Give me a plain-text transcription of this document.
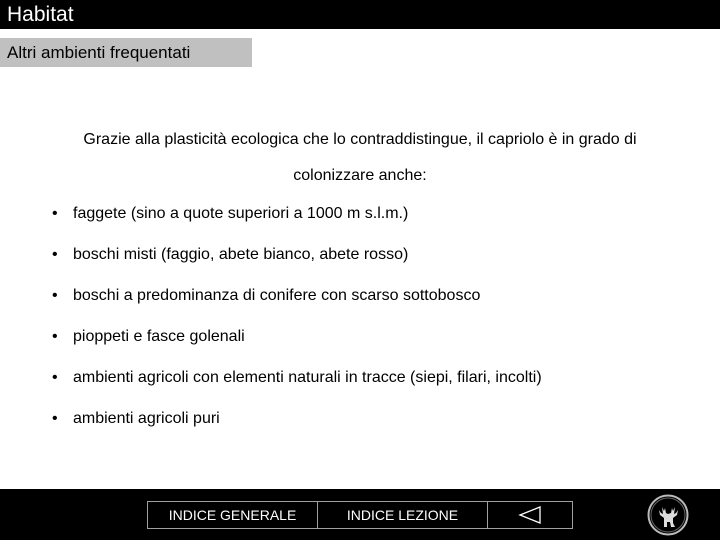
Habitat
Altri ambienti frequentati
Grazie alla plasticità ecologica che lo contraddistingue, il capriolo è in grado di
colonizzare anche:
• faggete (sino a quote superiori a 1000 m s.l.m.)
• boschi misti (faggio, abete bianco, abete rosso)
• boschi a predominanza di conifere con scarso sottobosco
• pioppeti e fasce golenali
• ambienti agricoli con elementi naturali in tracce (siepi, filari, incolti)
• ambienti agricoli puri
INDICE GENERALE	INDICE LEZIONE
